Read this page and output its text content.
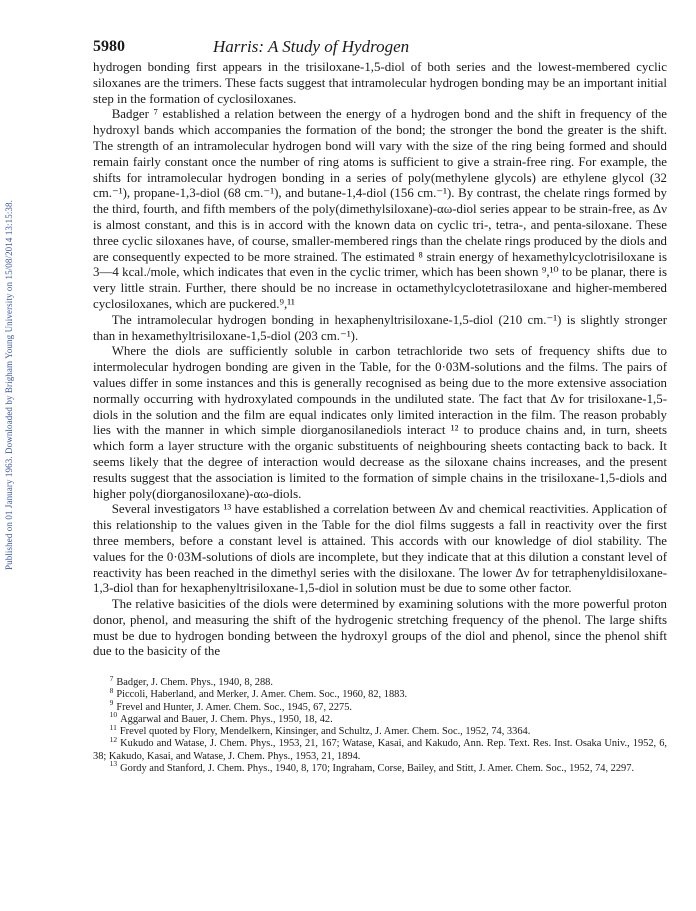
Published on 01 January 1963. Downloaded by Brigham Young University on 15/08/2014 13:15:38.
5980	Harris: A Study of Hydrogen

hydrogen bonding first appears in the trisiloxane-1,5-diol of both series and the lowest-membered cyclic siloxanes are the trimers. These facts suggest that intramolecular hydrogen bonding may be an important initial step in the formation of cyclosiloxanes.

Badger ⁷ established a relation between the energy of a hydrogen bond and the shift in frequency of the hydroxyl bands which accompanies the formation of the bond; the stronger the bond the greater is the shift. The strength of an intramolecular hydrogen bond will vary with the size of the ring being formed and should remain fairly constant once the number of ring atoms is sufficient to give a strain-free ring. For example, the shifts for intramolecular hydrogen bonding in a series of poly(methylene glycols) are ethylene glycol (32 cm.⁻¹), propane-1,3-diol (68 cm.⁻¹), and butane-1,4-diol (156 cm.⁻¹). By contrast, the chelate rings formed by the third, fourth, and fifth members of the poly(dimethylsiloxane)-αω-diol series appear to be strain-free, as Δν is almost constant, and this is in accord with the known data on cyclic tri-, tetra-, and penta-siloxane. These three cyclic siloxanes have, of course, smaller-membered rings than the chelate rings produced by the diols and are consequently expected to be more strained. The estimated ⁸ strain energy of hexamethylcyclotrisiloxane is 3—4 kcal./mole, which indicates that even in the cyclic trimer, which has been shown ⁹,¹⁰ to be planar, there is very little strain. Further, there should be no increase in octamethylcyclotetrasiloxane and higher-membered cyclosiloxanes, which are puckered.⁹,¹¹

The intramolecular hydrogen bonding in hexaphenyltrisiloxane-1,5-diol (210 cm.⁻¹) is slightly stronger than in hexamethyltrisiloxane-1,5-diol (203 cm.⁻¹).

Where the diols are sufficiently soluble in carbon tetrachloride two sets of frequency shifts due to intermolecular hydrogen bonding are given in the Table, for the 0·03M-solutions and the films. The pairs of values differ in some instances and this is generally recognised as being due to the more extensive association normally occurring with hydroxylated compounds in the undiluted state. The fact that Δν for trisiloxane-1,5-diols in the solution and the film are equal indicates only limited interaction in the film. The reason probably lies with the manner in which simple diorganosilanediols interact ¹² to produce chains and, in turn, sheets which form a layer structure with the organic substituents of neighbouring sheets contacting back to back. It seems likely that the degree of interaction would decrease as the siloxane chains increases, and the present results suggest that the association is limited to the formation of simple chains in the trisiloxane-1,5-diols and higher poly(diorganosiloxane)-αω-diols.

Several investigators ¹³ have established a correlation between Δν and chemical reactivities. Application of this relationship to the values given in the Table for the diol films suggests a fall in reactivity over the first three members, before a constant level is attained. This accords with our knowledge of diol stability. The values for the 0·03M-solutions of diols are incomplete, but they indicate that at this dilution a constant level of reactivity has been reached in the dimethyl series with the disiloxane. The lower Δν for tetraphenyldisiloxane-1,3-diol than for hexaphenyltrisiloxane-1,5-diol in solution must be due to some other factor.

The relative basicities of the diols were determined by examining solutions with the more powerful proton donor, phenol, and measuring the shift of the hydrogenic stretching frequency of the phenol. The large shifts must be due to hydrogen bonding between the hydroxyl groups of the diol and phenol, since the phenol shift due to the basicity of the

$^7$ Badger, J. Chem. Phys., 1940, 8, 288.

$^8$ Piccoli, Haberland, and Merker, J. Amer. Chem. Soc., 1960, 82, 1883.

$^9$ Frevel and Hunter, J. Amer. Chem. Soc., 1945, 67, 2275.

$^{10}$ Aggarwal and Bauer, J. Chem. Phys., 1950, 18, 42.

$^{11}$ Frevel quoted by Flory, Mendelkern, Kinsinger, and Schultz, J. Amer. Chem. Soc., 1952, 74, 3364.

$^{12}$ Kukudo and Watase, J. Chem. Phys., 1953, 21, 167; Watase, Kasai, and Kakudo, Ann. Rep. Text. Res. Inst. Osaka Univ., 1952, 6, 38; Kakudo, Kasai, and Watase, J. Chem. Phys., 1953, 21, 1894.

$^{13}$ Gordy and Stanford, J. Chem. Phys., 1940, 8, 170; Ingraham, Corse, Bailey, and Stitt, J. Amer. Chem. Soc., 1952, 74, 2297.
